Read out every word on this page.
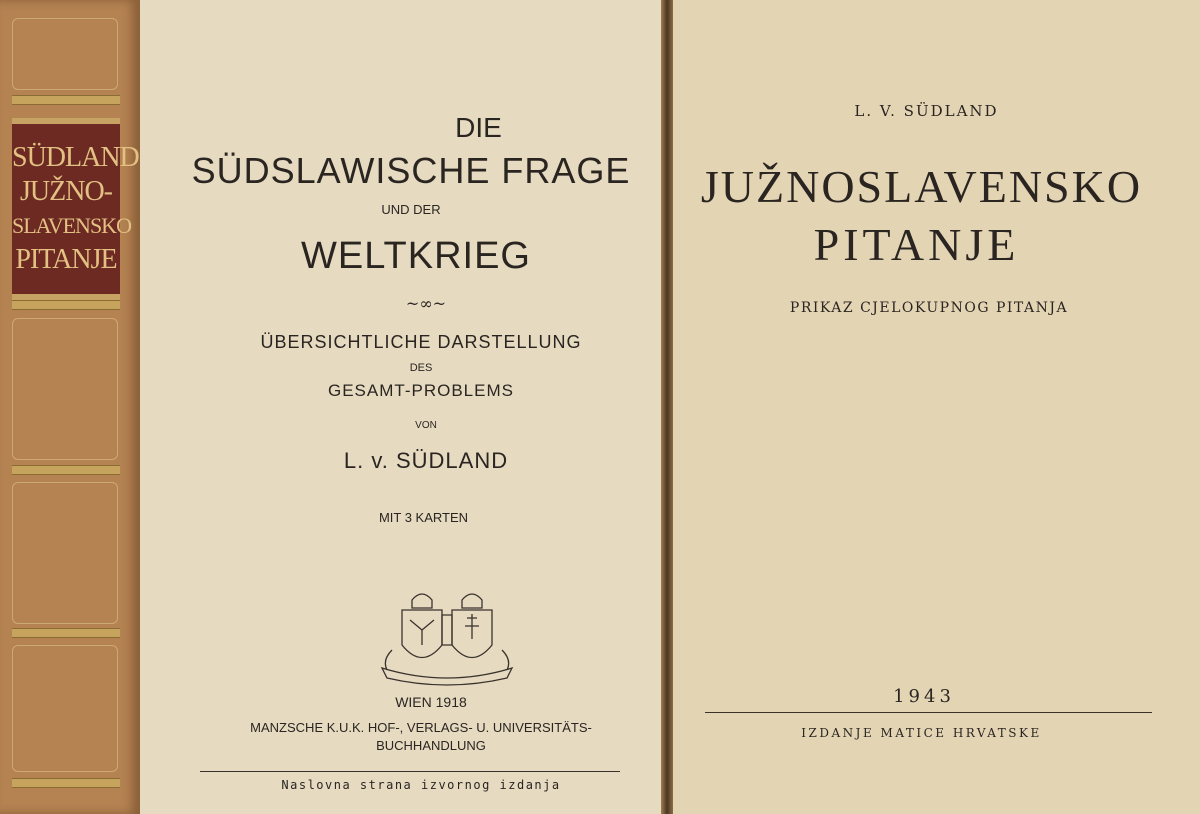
SÜDLAND
JUŽNO-
SLAVENSKO
PITANJE
DIE
SÜDSLAWISCHE FRAGE
UND DER
WELTKRIEG
~∞~
ÜBERSICHTLICHE DARSTELLUNG
DES
GESAMT-PROBLEMS
VON
L. v. SÜDLAND
MIT 3 KARTEN
WIEN 1918
MANZSCHE K.U.K. HOF-, VERLAGS- U. UNIVERSITÄTS-
BUCHHANDLUNG
Naslovna strana izvornog izdanja
L. V. SÜDLAND
JUŽNOSLAVENSKO
PITANJE
PRIKAZ CJELOKUPNOG PITANJA
1943
IZDANJE MATICE HRVATSKE
